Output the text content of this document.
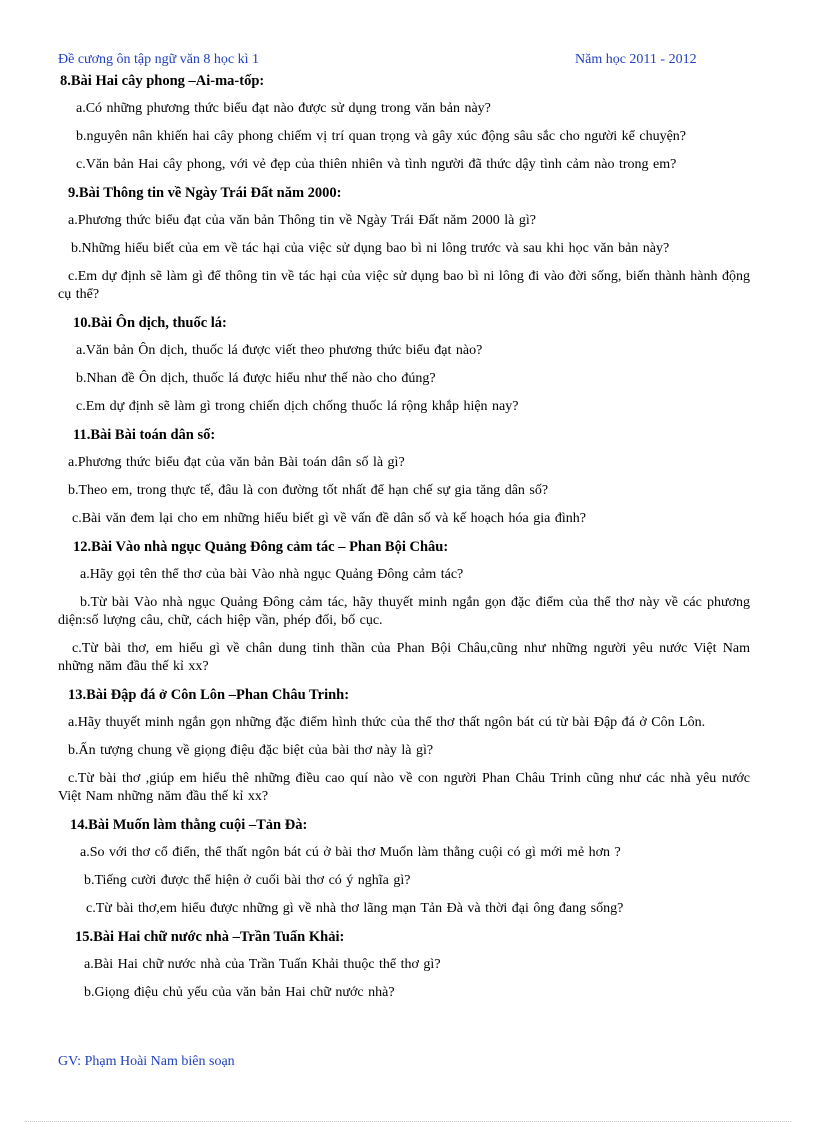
Đề cương ôn tập ngữ văn 8 học kì 1	Năm học 2011 - 2012
8.Bài Hai cây phong –Ai-ma-tốp:
a.Có những phương thức biểu đạt nào được sử dụng trong văn bản này?
b.nguyên nân khiến hai cây phong chiếm vị trí quan trọng và gây xúc động sâu sắc cho người kể chuyện?
c.Văn bản Hai cây phong, với vẻ đẹp của thiên nhiên và tình người đã thức dậy tình cảm nào trong em?
9.Bài Thông tin về Ngày Trái Đất năm 2000:
a.Phương thức biểu đạt của văn bản Thông tin về Ngày Trái Đất năm 2000 là gì?
b.Những hiểu biết của em về tác hại của việc sử dụng bao bì ni lông trước và sau khi học văn bản này?
c.Em dự định sẽ làm gì để thông tin về tác hại của việc sử dụng bao bì ni lông đi vào đời sống, biến thành hành động cụ thể?
10.Bài Ôn dịch, thuốc lá:
a.Văn bản Ôn dịch, thuốc lá được viết theo phương thức biểu đạt nào?
b.Nhan đề Ôn dịch, thuốc lá được hiểu như thế nào cho đúng?
c.Em dự định sẽ làm gì trong chiến dịch chống thuốc lá rộng khắp hiện nay?
11.Bài Bài toán dân số:
a.Phương thức biểu đạt của văn bản Bài toán dân số là gì?
b.Theo em, trong thực tế, đâu là con đường tốt nhất để hạn chế sự gia tăng dân số?
c.Bài văn đem lại cho em những hiểu biết gì về vấn đề dân số và kế hoạch hóa gia đình?
12.Bài Vào nhà ngục Quảng Đông cảm tác – Phan Bội Châu:
a.Hãy gọi tên thể thơ của bài Vào nhà ngục Quảng Đông cảm tác?
b.Từ bài Vào nhà ngục Quảng Đông cảm tác, hãy thuyết minh ngắn gọn đặc điểm của thể thơ này về các phương diện:số lượng câu, chữ, cách hiệp vần, phép đối, bố cục.
c.Từ bài thơ, em hiểu gì về chân dung tinh thần của Phan Bội Châu,cũng như những người yêu nước Việt Nam những năm đầu thế kỉ xx?
13.Bài Đập đá ở Côn Lôn –Phan Châu Trinh:
a.Hãy thuyết minh ngắn gọn những đặc điểm hình thức của thể thơ thất ngôn bát cú từ bài Đập đá ở Côn Lôn.
b.Ấn tượng chung về giọng điệu đặc biệt của bài thơ này là gì?
c.Từ bài thơ ,giúp em hiểu thê những điều cao quí nào về con người Phan Châu Trinh cũng như các nhà yêu nước Việt Nam những năm đầu thế kỉ xx?
14.Bài Muốn làm thằng cuội –Tản Đà:
a.So với thơ cổ điển, thể thất ngôn bát cú ở bài thơ Muốn làm thằng cuội có gì mới mẻ hơn ?
b.Tiếng cười được thể hiện ở cuối bài thơ có ý nghĩa gì?
c.Từ bài thơ,em hiểu được những gì về nhà thơ lãng mạn Tản Đà và thời đại ông đang sống?
15.Bài Hai chữ nước nhà –Trần Tuấn Khải:
a.Bài Hai chữ nước nhà của Trần Tuấn Khải thuộc thể thơ gì?
b.Giọng điệu chủ yếu của văn bản Hai chữ nước nhà?
GV: Phạm Hoài Nam biên soạn
